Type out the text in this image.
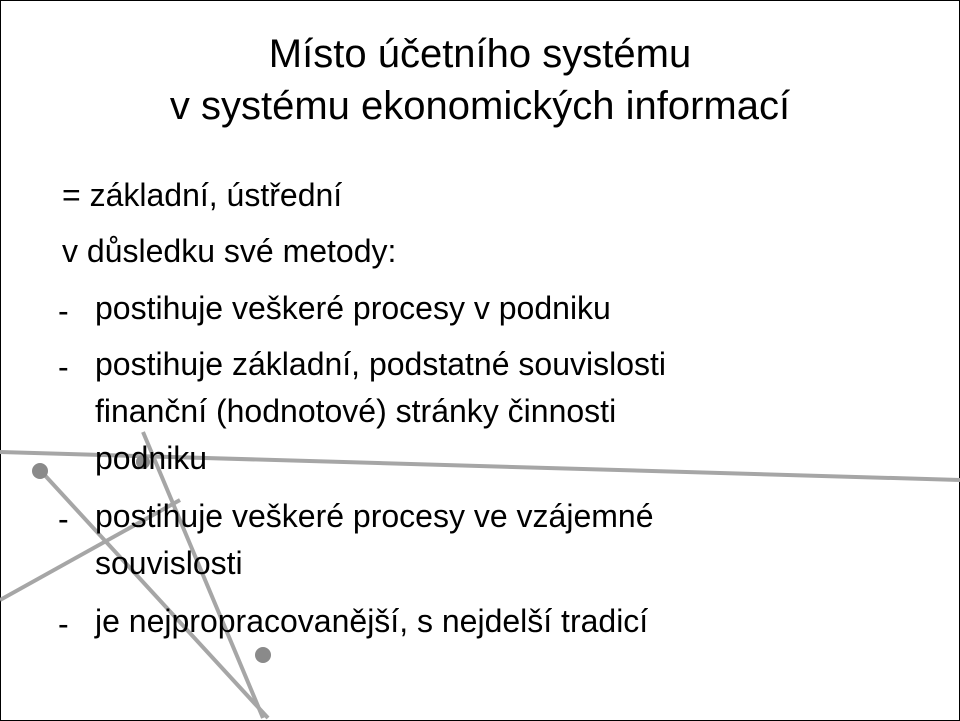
Místo účetního systému
v systému ekonomických informací
= základní, ústřední
v důsledku své metody:
- postihuje veškeré procesy v podniku
- postihuje základní, podstatné souvislosti
finanční (hodnotové) stránky činnosti
podniku
- postihuje veškeré procesy ve vzájemné
souvislosti
- je nejpropracovanější, s nejdelší tradicí
